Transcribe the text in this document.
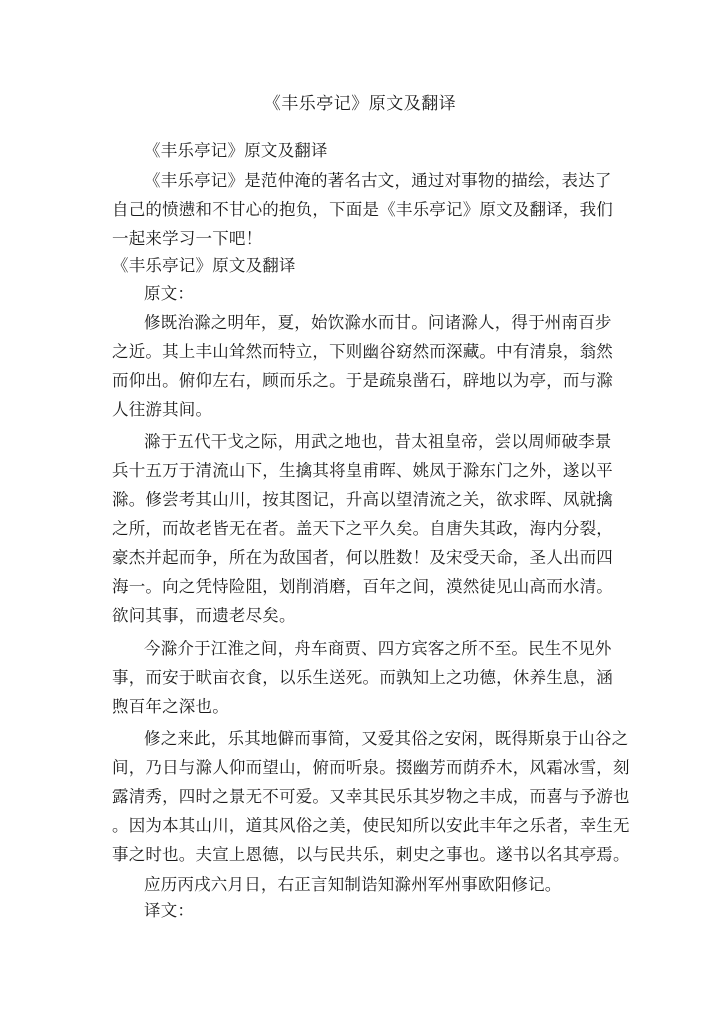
《丰乐亭记》原文及翻译
《丰乐亭记》原文及翻译
《丰乐亭记》是范仲淹的著名古文，通过对事物的描绘，表达了
自己的愤懑和不甘心的抱负，下面是《丰乐亭记》原文及翻译，我们
一起来学习一下吧！
《丰乐亭记》原文及翻译
原文：
修既治滁之明年，夏，始饮滁水而甘。问诸滁人，得于州南百步
之近。其上丰山耸然而特立，下则幽谷窈然而深藏。中有清泉，翁然
而仰出。俯仰左右，顾而乐之。于是疏泉凿石，辟地以为亭，而与滁
人往游其间。
滁于五代干戈之际，用武之地也，昔太祖皇帝，尝以周师破李景
兵十五万于清流山下，生擒其将皇甫晖、姚凤于滁东门之外，遂以平
滁。修尝考其山川，按其图记，升高以望清流之关，欲求晖、凤就擒
之所，而故老皆无在者。盖天下之平久矣。自唐失其政，海内分裂，
豪杰并起而争，所在为敌国者，何以胜数！及宋受天命，圣人出而四
海一。向之凭恃险阻，划削消磨，百年之间，漠然徒见山高而水清。
欲问其事，而遗老尽矣。
今滁介于江淮之间，舟车商贾、四方宾客之所不至。民生不见外
事，而安于畎亩衣食，以乐生送死。而孰知上之功德，休养生息，涵
煦百年之深也。
修之来此，乐其地僻而事简，又爱其俗之安闲，既得斯泉于山谷之
间，乃日与滁人仰而望山，俯而听泉。掇幽芳而荫乔木，风霜冰雪，刻
露清秀，四时之景无不可爱。又幸其民乐其岁物之丰成，而喜与予游也
。因为本其山川，道其风俗之美，使民知所以安此丰年之乐者，幸生无
事之时也。夫宣上恩德，以与民共乐，刺史之事也。遂书以名其亭焉。
应历丙戌六月日，右正言知制诰知滁州军州事欧阳修记。
译文：
